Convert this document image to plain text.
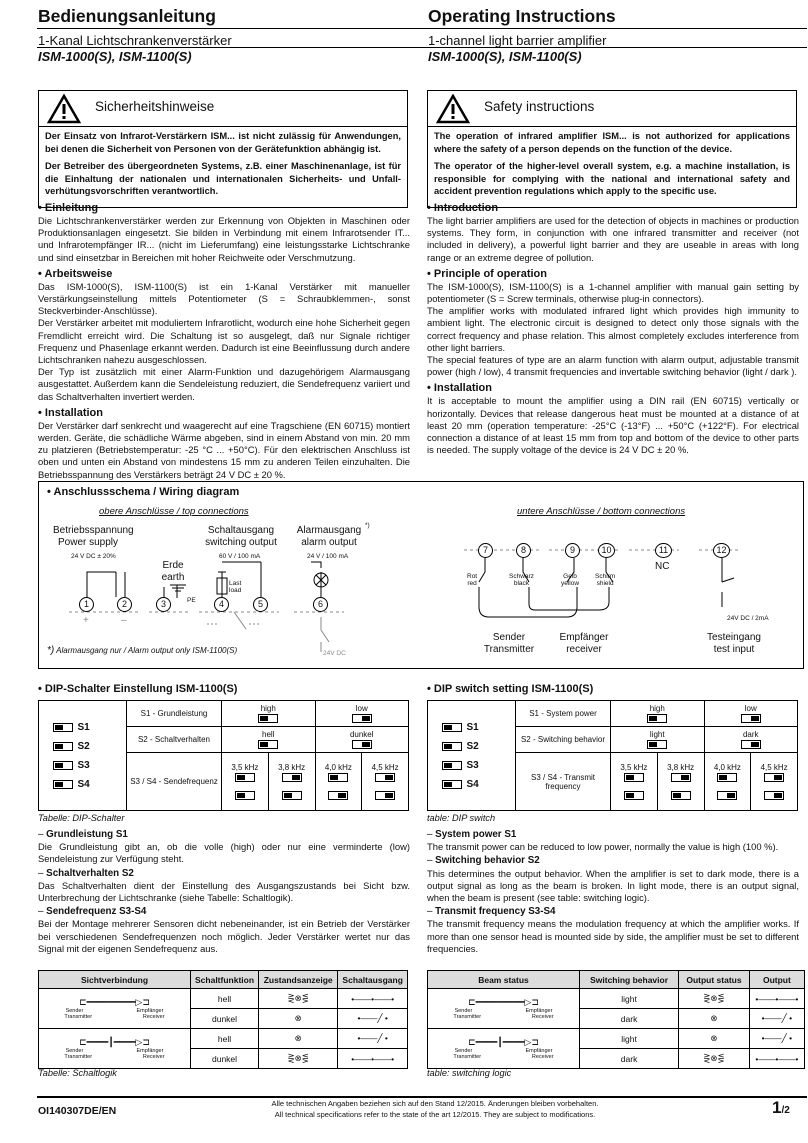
Bedienungsanleitung
1-Kanal Lichtschrankenverstärker
ISM-1000(S), ISM-1100(S)
Operating Instructions
1-channel light barrier amplifier
ISM-1000(S), ISM-1100(S)
Sicherheitshinweise

Der Einsatz von Infrarot-Verstärkern ISM... ist nicht zulässig für Anwendungen, bei denen die Sicherheit von Personen von der Gerätefunktion abhängig ist.

Der Betreiber des übergeordneten Systems, z.B. einer Maschinenanlage, ist für die Einhaltung der nationalen und internationalen Sicherheits- und Unfall-verhütungsvorschriften verantwortlich.

Safety instructions

The operation of infrared amplifier ISM... is not authorized for applications where the safety of a person depends on the function of the device.

The operator of the higher-level overall system, e.g. a machine installation, is responsible for complying with the national and international safety and accident prevention regulations which apply to the specific use.

• Einleitung

Die Lichtschrankenverstärker werden zur Erkennung von Objekten in Maschinen oder Produktionsanlagen eingesetzt. Sie bilden in Verbindung mit einem Infrarotsender IT... und Infrarotempfänger IR... (nicht im Lieferumfang) eine leistungsstarke Lichtschranke und sind einsetzbar in Bereichen mit hoher Reichweite oder Verschmutzung.

• Arbeitsweise

Das ISM-1000(S), ISM-1100(S) ist ein 1-Kanal Verstärker mit manueller Verstärkungseinstellung mittels Potentiometer (S = Schraubklemmen-, sonst Steckverbinder-Anschlüsse).

Der Verstärker arbeitet mit moduliertem Infrarotlicht, wodurch eine hohe Sicherheit gegen Fremdlicht erreicht wird. Die Schaltung ist so ausgelegt, daß nur Signale richtiger Frequenz und Phasenlage erkannt werden. Dadurch ist eine Beeinflussung durch andere Lichtschranken nahezu ausgeschlossen.

Der Typ ist zusätzlich mit einer Alarm-Funktion und dazugehörigem Alarmausgang ausgestattet. Außerdem kann die Sendeleistung reduziert, die Sendefrequenz variiert und das Schaltverhalten invertiert werden.

• Installation

Der Verstärker darf senkrecht und waagerecht auf eine Tragschiene (EN 60715) montiert werden. Geräte, die schädliche Wärme abgeben, sind in einem Abstand von min. 20 mm zu platzieren (Betriebstemperatur: -25 °C ... +50°C). Für den elektrischen Anschluss ist oben und unten ein Abstand von mindestens 15 mm zu anderen Teilen einzuhalten. Die Betriebsspannung des Verstärkers beträgt 24 V DC ± 20 %.

• Introduction

The light barrier amplifiers are used for the detection of objects in machines or production systems. They form, in conjunction with one infrared transmitter and receiver (not included in delivery), a powerful light barrier and they are useable in areas with long range or an extreme degree of pollution.

• Principle of operation

The ISM-1000(S), ISM-1100(S) is a 1-channel amplifier with manual gain setting by potentiometer (S = Screw terminals, otherwise plug-in connectors).

The amplifier works with modulated infrared light which provides high immunity to ambient light. The electronic circuit is designed to detect only those signals with the correct frequency and phase relation. This almost completely excludes interference from other light barriers.

The special features of type are an alarm function with alarm output, adjustable transmit power (high / low), 4 transmit frequencies and invertable switching behavior (light / dark ).

• Installation

It is acceptable to mount the amplifier using a DIN rail (EN 60715) vertically or horizontally. Devices that release dangerous heat must be mounted at a distance of at least 20 mm (operation temperature: -25°C (-13°F) ... +50°C (+122°F). For electrical connection a distance of at least 15 mm from top and bottom of the device to other parts is needed. The supply voltage of the device is 24 V DC ± 20 %.

• Anschlussschema / Wiring diagram
obere Anschlüsse / top connections	untere Anschlüsse / bottom connections
Betriebsspannung
Power supply
24 V DC ± 20%
Erde
earth
PE
Schaltausgang
switching output
60 V / 100 mA
Last
load
Alarmausgang
alarm output
24 V / 100 mA
*)
24V DC
1	2	3	4	5	6
+	–
*) Alarmausgang nur / Alarm output only ISM-1100(S)
7	8	9	10	11	12
NC
Rot
red
Schwarz
black
Gelb
yellow
Schirm
shield
24V DC / 2mA
Sender
Transmitter
Empfänger
receiver
Testeingang
test input
• DIP-Schalter Einstellung ISM-1100(S)	• DIP switch setting ISM-1100(S)
S1
S2
S3
S4	S1 - Grundleistung	high		low	

	S2 - Schaltverhalten	hell		dunkel	

	S3 / S4 - Sendefrequenz	3,5 kHz	3,8 kHz	4,0 kHz	4,5 kHz

Tabelle: DIP-Schalter
S1
S2
S3
S4	S1 - System power	high		low	

	S2 - Switching behavior	light		dark	

	S3 / S4 - Transmit frequency	3,5 kHz	3,8 kHz	4,0 kHz	4,5 kHz

table: DIP switch
– Grundleistung S1

Die Grundleistung gibt an, ob die volle (high) oder nur eine verminderte (low) Sendeleistung zur Verfügung steht.

– Schaltverhalten S2

Das Schaltverhalten dient der Einstellung des Ausgangszustands bei Sicht bzw. Unterbrechung der Lichtschranke (siehe Tabelle: Schaltlogik).

– Sendefrequenz S3-S4

Bei der Montage mehrerer Sensoren dicht nebeneinander, ist ein Betrieb der Verstärker bei verschiedenen Sendefrequenzen noch möglich. Jeder Verstärker wertet nur das Signal mit der eigenen Sendefrequenz aus.

– System power S1

The transmit power can be reduced to low power, normally the value is high (100 %).

– Switching behavior S2

This determines the output behavior. When the amplifier is set to dark mode, there is a output signal as long as the beam is broken. In light mode, there is an output signal, when the beam is present (see table: switching logic).

– Transmit frequency S3-S4

The transmit frequency means the modulation frequency at which the amplifier works. If more than one sensor head is mounted side by side, the amplifier must be set to different frequencies.

Sichtverbindung	Schaltfunktion	Zustandsanzeige	Schaltausgang

⊏━━━━━━━━━▷⊐
Sender Empfänger
Transmitter Receiver	hell	⋛⊗⋚	•——•——•
	dunkel	⊗	•——╱ •

⊏━━━━┃━━━━▷⊐
Sender Empfänger
Transmitter Receiver	hell	⊗	•——╱ •
	dunkel	⋛⊗⋚	•——•——•
Tabelle: Schaltlogik
Beam status	Switching behavior	Output status	Output

⊏━━━━━━━━━▷⊐
Sender Empfänger
Transmitter Receiver	light	⋛⊗⋚	•——•——•
	dark	⊗	•——╱ •

⊏━━━━┃━━━━▷⊐
Sender Empfänger
Transmitter Receiver	light	⊗	•——╱ •
	dark	⋛⊗⋚	•——•——•
table: switching logic
OI140307DE/EN
Alle technischen Angaben beziehen sich auf den Stand 12/2015. Änderungen bleiben vorbehalten.
All technical specifications refer to the state of the art 12/2015. They are subject to modifications.	1/2
